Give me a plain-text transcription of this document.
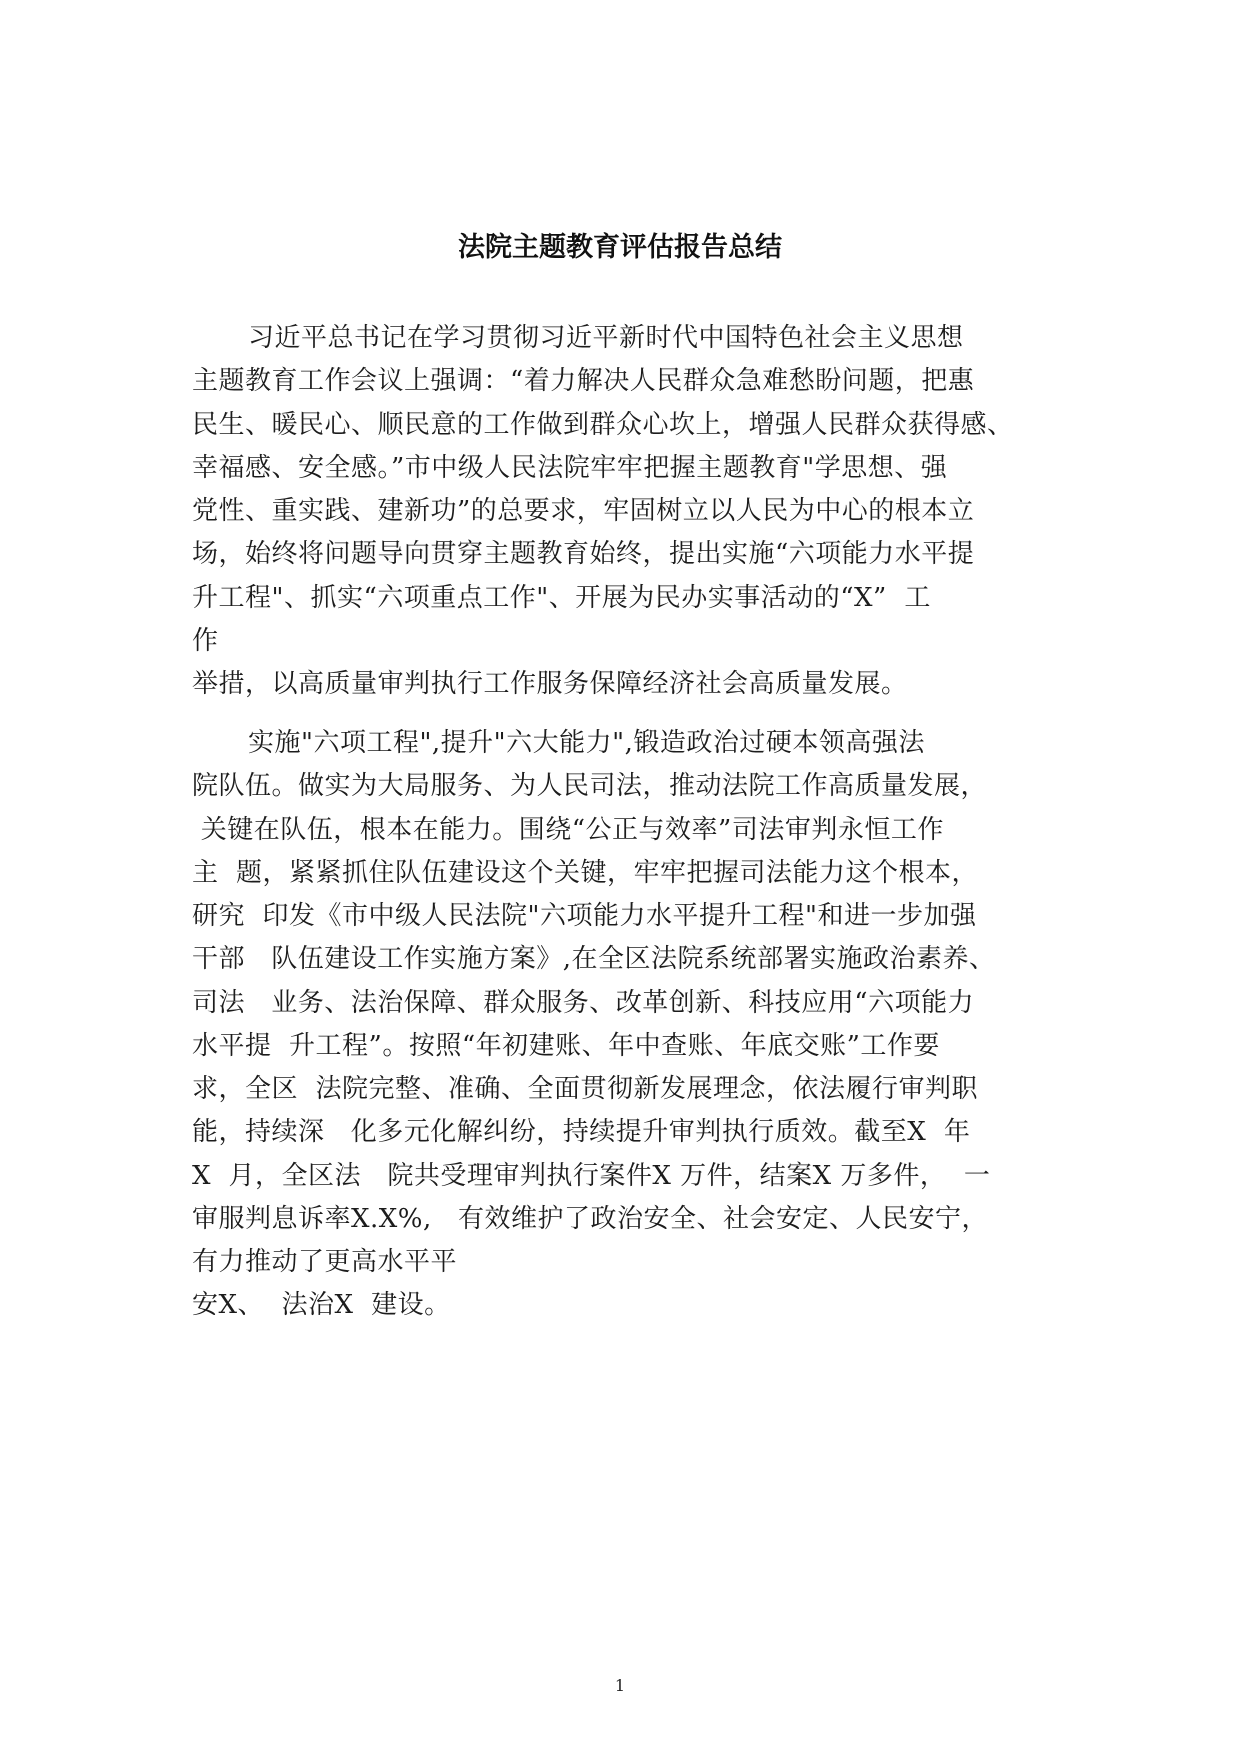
法院主题教育评估报告总结
习近平总书记在学习贯彻习近平新时代中国特色社会主义思想
主题教育工作会议上强调：“着力解决人民群众急难愁盼问题，把惠
民生、暖民心、顺民意的工作做到群众心坎上，增强人民群众获得感、
幸福感、安全感。”市中级人民法院牢牢把握主题教育"学思想、强
党性、重实践、建新功”的总要求，牢固树立以人民为中心的根本立
场，始终将问题导向贯穿主题教育始终，提出实施“六项能力水平提
升工程"、抓实“六项重点工作"、开展为民办实事活动的“X”  工
作
举措，以高质量审判执行工作服务保障经济社会高质量发展。
实施"六项工程",提升"六大能力",锻造政治过硬本领高强法
院队伍。做实为大局服务、为人民司法，推动法院工作高质量发展，
关键在队伍，根本在能力。围绕“公正与效率”司法审判永恒工作
主  题，紧紧抓住队伍建设这个关键，牢牢把握司法能力这个根本，
研究  印发《市中级人民法院"六项能力水平提升工程"和进一步加强
干部   队伍建设工作实施方案》,在全区法院系统部署实施政治素养、
司法   业务、法治保障、群众服务、改革创新、科技应用“六项能力
水平提  升工程”。按照“年初建账、年中查账、年底交账”工作要
求，全区  法院完整、准确、全面贯彻新发展理念，依法履行审判职
能，持续深   化多元化解纠纷，持续提升审判执行质效。截至X  年
X  月，全区法   院共受理审判执行案件X 万件，结案X 万多件，  一
审服判息诉率X.X%,   有效维护了政治安全、社会安定、人民安宁，
有力推动了更高水平平
安X、  法治X  建设。
1
